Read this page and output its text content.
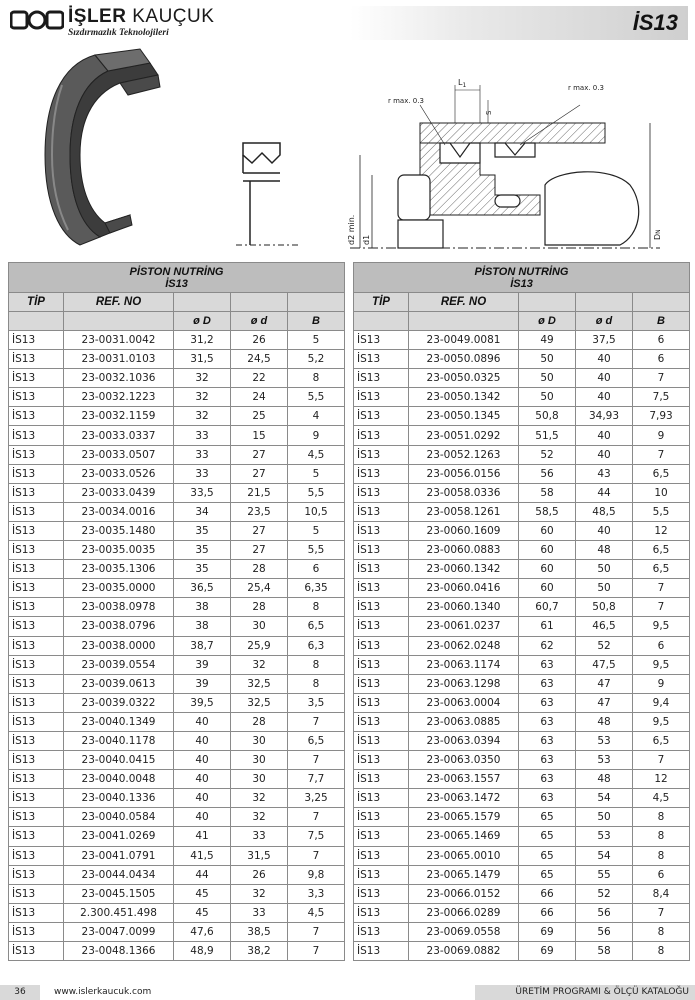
İŞLER KAUÇUK
Sızdırmazlık Teknolojileri	İS13
$L_1$
S
r max. 0.3
r max. 0.3
d2 min. d1	DN
PİSTON NUTRİNG
İS13				
TİP	REF. NO			
		ø D	ø d	B
İS13	23-0031.0042	31,2	26	5
İS13	23-0031.0103	31,5	24,5	5,2
İS13	23-0032.1036	32	22	8
İS13	23-0032.1223	32	24	5,5
İS13	23-0032.1159	32	25	4
İS13	23-0033.0337	33	15	9
İS13	23-0033.0507	33	27	4,5
İS13	23-0033.0526	33	27	5
İS13	23-0033.0439	33,5	21,5	5,5
İS13	23-0034.0016	34	23,5	10,5
İS13	23-0035.1480	35	27	5
İS13	23-0035.0035	35	27	5,5
İS13	23-0035.1306	35	28	6
İS13	23-0035.0000	36,5	25,4	6,35
İS13	23-0038.0978	38	28	8
İS13	23-0038.0796	38	30	6,5
İS13	23-0038.0000	38,7	25,9	6,3
İS13	23-0039.0554	39	32	8
İS13	23-0039.0613	39	32,5	8
İS13	23-0039.0322	39,5	32,5	3,5
İS13	23-0040.1349	40	28	7
İS13	23-0040.1178	40	30	6,5
İS13	23-0040.0415	40	30	7
İS13	23-0040.0048	40	30	7,7
İS13	23-0040.1336	40	32	3,25
İS13	23-0040.0584	40	32	7
İS13	23-0041.0269	41	33	7,5
İS13	23-0041.0791	41,5	31,5	7
İS13	23-0044.0434	44	26	9,8
İS13	23-0045.1505	45	32	3,3
İS13	2.300.451.498	45	33	4,5
İS13	23-0047.0099	47,6	38,5	7
İS13	23-0048.1366	48,9	38,2	7
PİSTON NUTRİNG
İS13				
TİP	REF. NO			
		ø D	ø d	B
İS13	23-0049.0081	49	37,5	6
İS13	23-0050.0896	50	40	6
İS13	23-0050.0325	50	40	7
İS13	23-0050.1342	50	40	7,5
İS13	23-0050.1345	50,8	34,93	7,93
İS13	23-0051.0292	51,5	40	9
İS13	23-0052.1263	52	40	7
İS13	23-0056.0156	56	43	6,5
İS13	23-0058.0336	58	44	10
İS13	23-0058.1261	58,5	48,5	5,5
İS13	23-0060.1609	60	40	12
İS13	23-0060.0883	60	48	6,5
İS13	23-0060.1342	60	50	6,5
İS13	23-0060.0416	60	50	7
İS13	23-0060.1340	60,7	50,8	7
İS13	23-0061.0237	61	46,5	9,5
İS13	23-0062.0248	62	52	6
İS13	23-0063.1174	63	47,5	9,5
İS13	23-0063.1298	63	47	9
İS13	23-0063.0004	63	47	9,4
İS13	23-0063.0885	63	48	9,5
İS13	23-0063.0394	63	53	6,5
İS13	23-0063.0350	63	53	7
İS13	23-0063.1557	63	48	12
İS13	23-0063.1472	63	54	4,5
İS13	23-0065.1579	65	50	8
İS13	23-0065.1469	65	53	8
İS13	23-0065.0010	65	54	8
İS13	23-0065.1479	65	55	6
İS13	23-0066.0152	66	52	8,4
İS13	23-0066.0289	66	56	7
İS13	23-0069.0558	69	56	8
İS13	23-0069.0882	69	58	8
36	www.islerkaucuk.com	ÜRETİM PROGRAMI & ÖLÇÜ KATALOĞU
